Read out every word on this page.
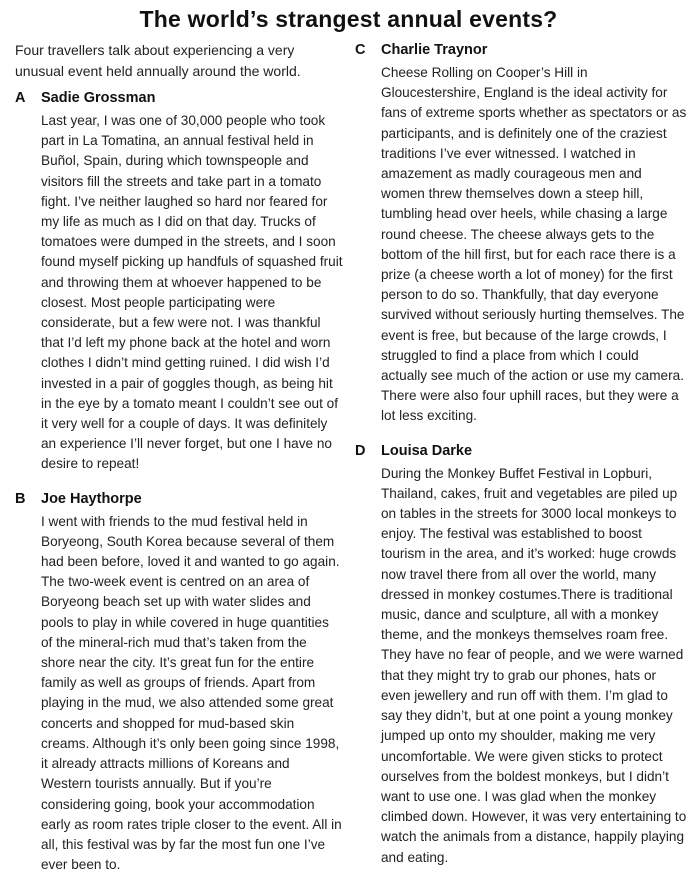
The world’s strangest annual events?

Four travellers talk about experiencing a very unusual event held annually around the world.

A	Sadie Grossman

Last year, I was one of 30,000 people who took part in La Tomatina, an annual festival held in Buñol, Spain, during which townspeople and visitors fill the streets and take part in a tomato fight. I’ve neither laughed so hard nor feared for my life as much as I did on that day. Trucks of tomatoes were dumped in the streets, and I soon found myself picking up handfuls of squashed fruit and throwing them at whoever happened to be closest. Most people participating were considerate, but a few were not. I was thankful that I’d left my phone back at the hotel and worn clothes I didn’t mind getting ruined. I did wish I’d invested in a pair of goggles though, as being hit in the eye by a tomato meant I couldn’t see out of it very well for a couple of days. It was definitely an experience I’ll never forget, but one I have no desire to repeat!

B	Joe Haythorpe

I went with friends to the mud festival held in Boryeong, South Korea because several of them had been before, loved it and wanted to go again. The two-week event is centred on an area of Boryeong beach set up with water slides and pools to play in while covered in huge quantities of the mineral-rich mud that’s taken from the shore near the city. It’s great fun for the entire family as well as groups of friends. Apart from playing in the mud, we also attended some great concerts and shopped for mud-based skin creams. Although it’s only been going since 1998, it already attracts millions of Koreans and Western tourists annually. But if you’re considering going, book your accommodation early as room rates triple closer to the event. All in all, this festival was by far the most fun one I’ve ever been to.

C	Charlie Traynor

Cheese Rolling on Cooper’s Hill in Gloucestershire, England is the ideal activity for fans of extreme sports whether as spectators or as participants, and is definitely one of the craziest traditions I’ve ever witnessed. I watched in amazement as madly courageous men and women threw themselves down a steep hill, tumbling head over heels, while chasing a large round cheese. The cheese always gets to the bottom of the hill first, but for each race there is a prize (a cheese worth a lot of money) for the first person to do so. Thankfully, that day everyone survived without seriously hurting themselves. The event is free, but because of the large crowds, I struggled to find a place from which I could actually see much of the action or use my camera. There were also four uphill races, but they were a lot less exciting.

D	Louisa Darke

During the Monkey Buffet Festival in Lopburi, Thailand, cakes, fruit and vegetables are piled up on tables in the streets for 3000 local monkeys to enjoy. The festival was established to boost tourism in the area, and it’s worked: huge crowds now travel there from all over the world, many dressed in monkey costumes.There is traditional music, dance and sculpture, all with a monkey theme, and the monkeys themselves roam free. They have no fear of people, and we were warned that they might try to grab our phones, hats or even jewellery and run off with them. I’m glad to say they didn’t, but at one point a young monkey jumped up onto my shoulder, making me very uncomfortable. We were given sticks to protect ourselves from the boldest monkeys, but I didn’t want to use one. I was glad when the monkey climbed down. However, it was very entertaining to watch the animals from a distance, happily playing and eating.
